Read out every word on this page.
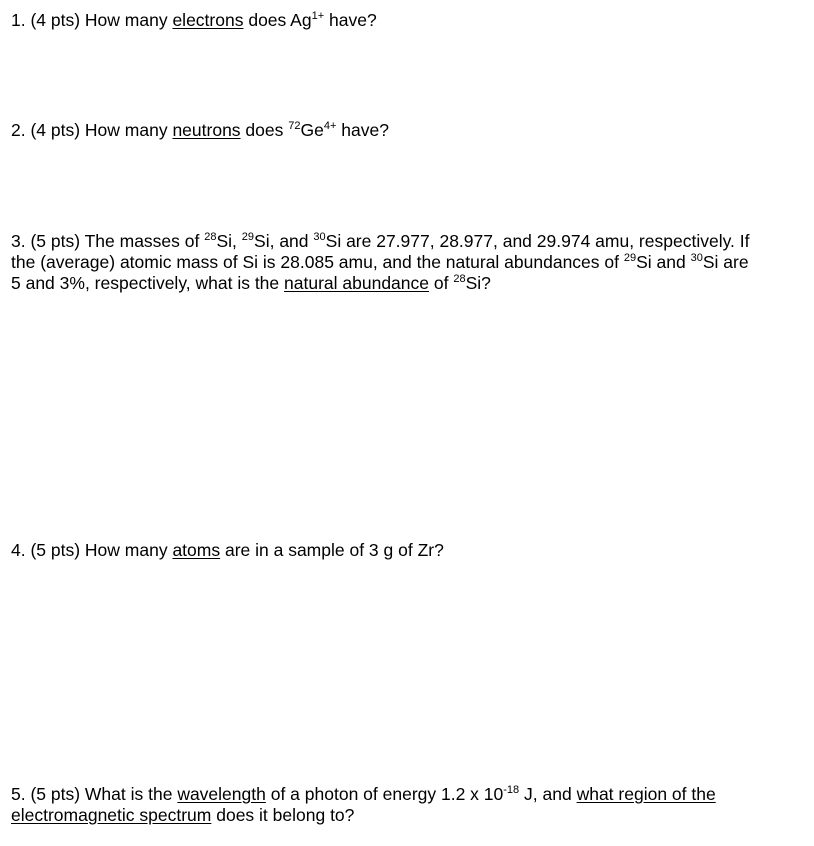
1. (4 pts) How many electrons does $Ag^{1+}$ have?
2. (4 pts) How many neutrons does $^{72}Ge^{4+}$ have?
3. (5 pts) The masses of $^{28}$Si, $^{29}$Si, and $^{30}$Si are 27.977, 28.977, and 29.974 amu, respectively. If the (average) atomic mass of Si is 28.085 amu, and the natural abundances of $^{29}$Si and $^{30}$Si are 5 and 3%, respectively, what is the natural abundance of $^{28}$Si?
4. (5 pts) How many atoms are in a sample of 3 g of Zr?
5. (5 pts) What is the wavelength of a photon of energy 1.2 x $10^{-18}$ J, and what region of the electromagnetic spectrum does it belong to?
